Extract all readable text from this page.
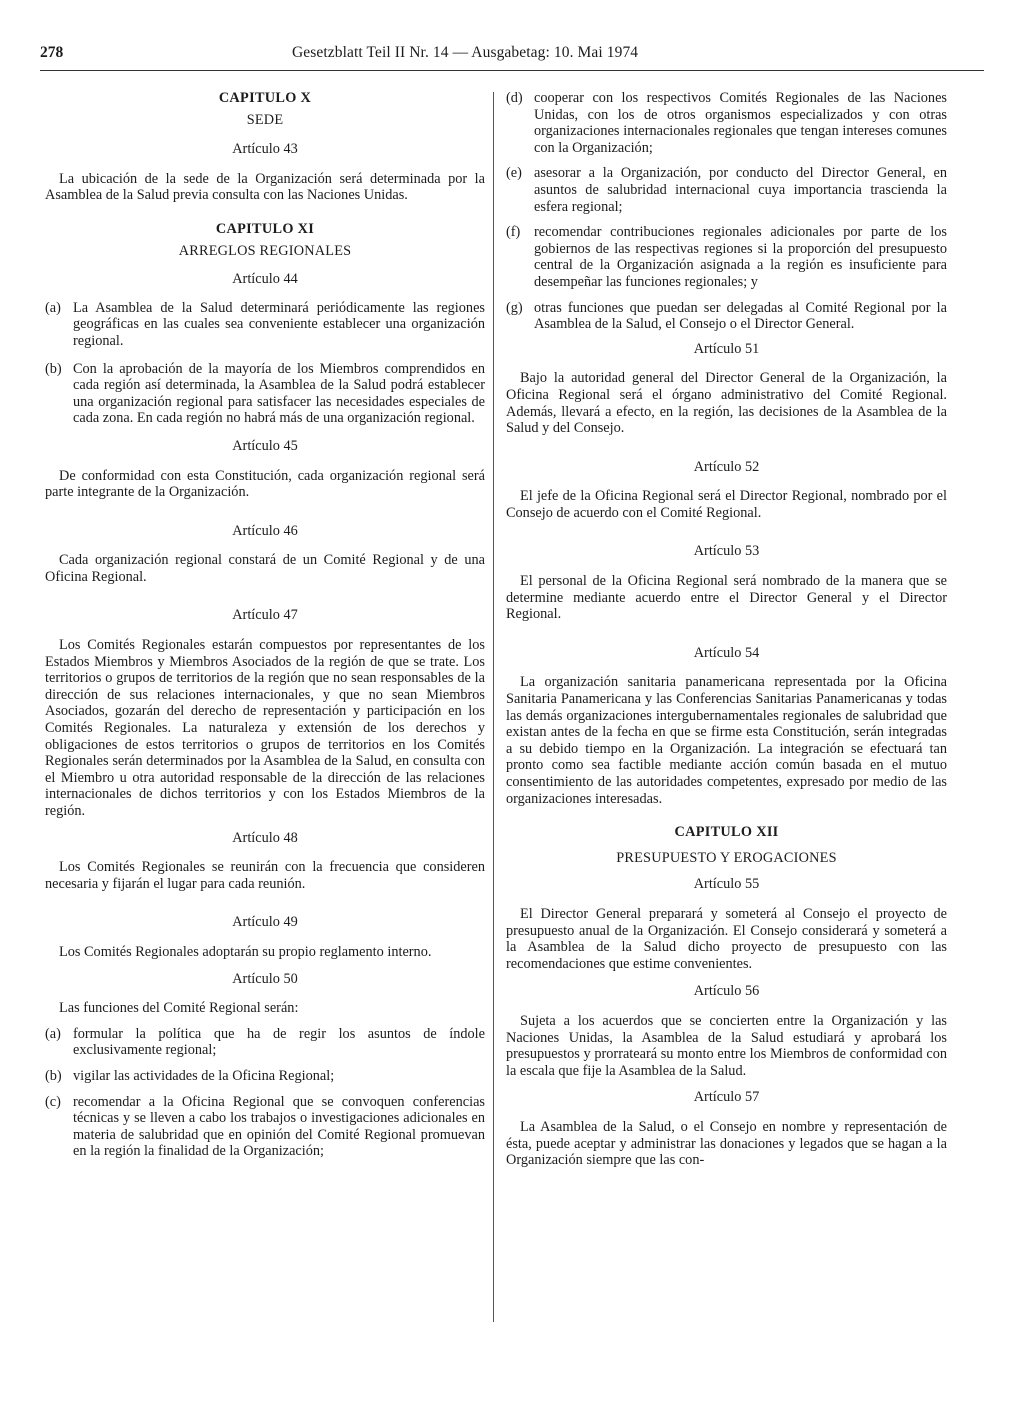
278	Gesetzblatt Teil II Nr. 14 — Ausgabetag: 10. Mai 1974

CAPITULO X

SEDE

Artículo 43

La ubicación de la sede de la Organización será determinada por la Asamblea de la Salud previa consulta con las Naciones Unidas.

CAPITULO XI

ARREGLOS REGIONALES

Artículo 44

(a) La Asamblea de la Salud determinará periódicamente las regiones geográficas en las cuales sea conveniente establecer una organización regional.
(b) Con la aprobación de la mayoría de los Miembros comprendidos en cada región así determinada, la Asamblea de la Salud podrá establecer una organización regional para satisfacer las necesidades especiales de cada zona. En cada región no habrá más de una organización regional.

Artículo 45

De conformidad con esta Constitución, cada organización regional será parte integrante de la Organización.

Artículo 46

Cada organización regional constará de un Comité Regional y de una Oficina Regional.

Artículo 47

Los Comités Regionales estarán compuestos por representantes de los Estados Miembros y Miembros Asociados de la región de que se trate. Los territorios o grupos de territorios de la región que no sean responsables de la dirección de sus relaciones internacionales, y que no sean Miembros Asociados, gozarán del derecho de representación y participación en los Comités Regionales. La naturaleza y extensión de los derechos y obligaciones de estos territorios o grupos de territorios en los Comités Regionales serán determinados por la Asamblea de la Salud, en consulta con el Miembro u otra autoridad responsable de la dirección de las relaciones internacionales de dichos territorios y con los Estados Miembros de la región.

Artículo 48

Los Comités Regionales se reunirán con la frecuencia que consideren necesaria y fijarán el lugar para cada reunión.

Artículo 49

Los Comités Regionales adoptarán su propio reglamento interno.

Artículo 50

Las funciones del Comité Regional serán:

(a) formular la política que ha de regir los asuntos de índole exclusivamente regional;
(b) vigilar las actividades de la Oficina Regional;
(c) recomendar a la Oficina Regional que se convoquen conferencias técnicas y se lleven a cabo los trabajos o investigaciones adicionales en materia de salubridad que en opinión del Comité Regional promuevan en la región la finalidad de la Organización;
(d) cooperar con los respectivos Comités Regionales de las Naciones Unidas, con los de otros organismos especializados y con otras organizaciones internacionales regionales que tengan intereses comunes con la Organización;
(e) asesorar a la Organización, por conducto del Director General, en asuntos de salubridad internacional cuya importancia trascienda la esfera regional;
(f) recomendar contribuciones regionales adicionales por parte de los gobiernos de las respectivas regiones si la proporción del presupuesto central de la Organización asignada a la región es insuficiente para desempeñar las funciones regionales; y
(g) otras funciones que puedan ser delegadas al Comité Regional por la Asamblea de la Salud, el Consejo o el Director General.

Artículo 51

Bajo la autoridad general del Director General de la Organización, la Oficina Regional será el órgano administrativo del Comité Regional. Además, llevará a efecto, en la región, las decisiones de la Asamblea de la Salud y del Consejo.

Artículo 52

El jefe de la Oficina Regional será el Director Regional, nombrado por el Consejo de acuerdo con el Comité Regional.

Artículo 53

El personal de la Oficina Regional será nombrado de la manera que se determine mediante acuerdo entre el Director General y el Director Regional.

Artículo 54

La organización sanitaria panamericana representada por la Oficina Sanitaria Panamericana y las Conferencias Sanitarias Panamericanas y todas las demás organizaciones intergubernamentales regionales de salubridad que existan antes de la fecha en que se firme esta Constitución, serán integradas a su debido tiempo en la Organización. La integración se efectuará tan pronto como sea factible mediante acción común basada en el mutuo consentimiento de las autoridades competentes, expresado por medio de las organizaciones interesadas.

CAPITULO XII

PRESUPUESTO Y EROGACIONES

Artículo 55

El Director General preparará y someterá al Consejo el proyecto de presupuesto anual de la Organización. El Consejo considerará y someterá a la Asamblea de la Salud dicho proyecto de presupuesto con las recomendaciones que estime convenientes.

Artículo 56

Sujeta a los acuerdos que se concierten entre la Organización y las Naciones Unidas, la Asamblea de la Salud estudiará y aprobará los presupuestos y prorrateará su monto entre los Miembros de conformidad con la escala que fije la Asamblea de la Salud.

Artículo 57

La Asamblea de la Salud, o el Consejo en nombre y representación de ésta, puede aceptar y administrar las donaciones y legados que se hagan a la Organización siempre que las con-
